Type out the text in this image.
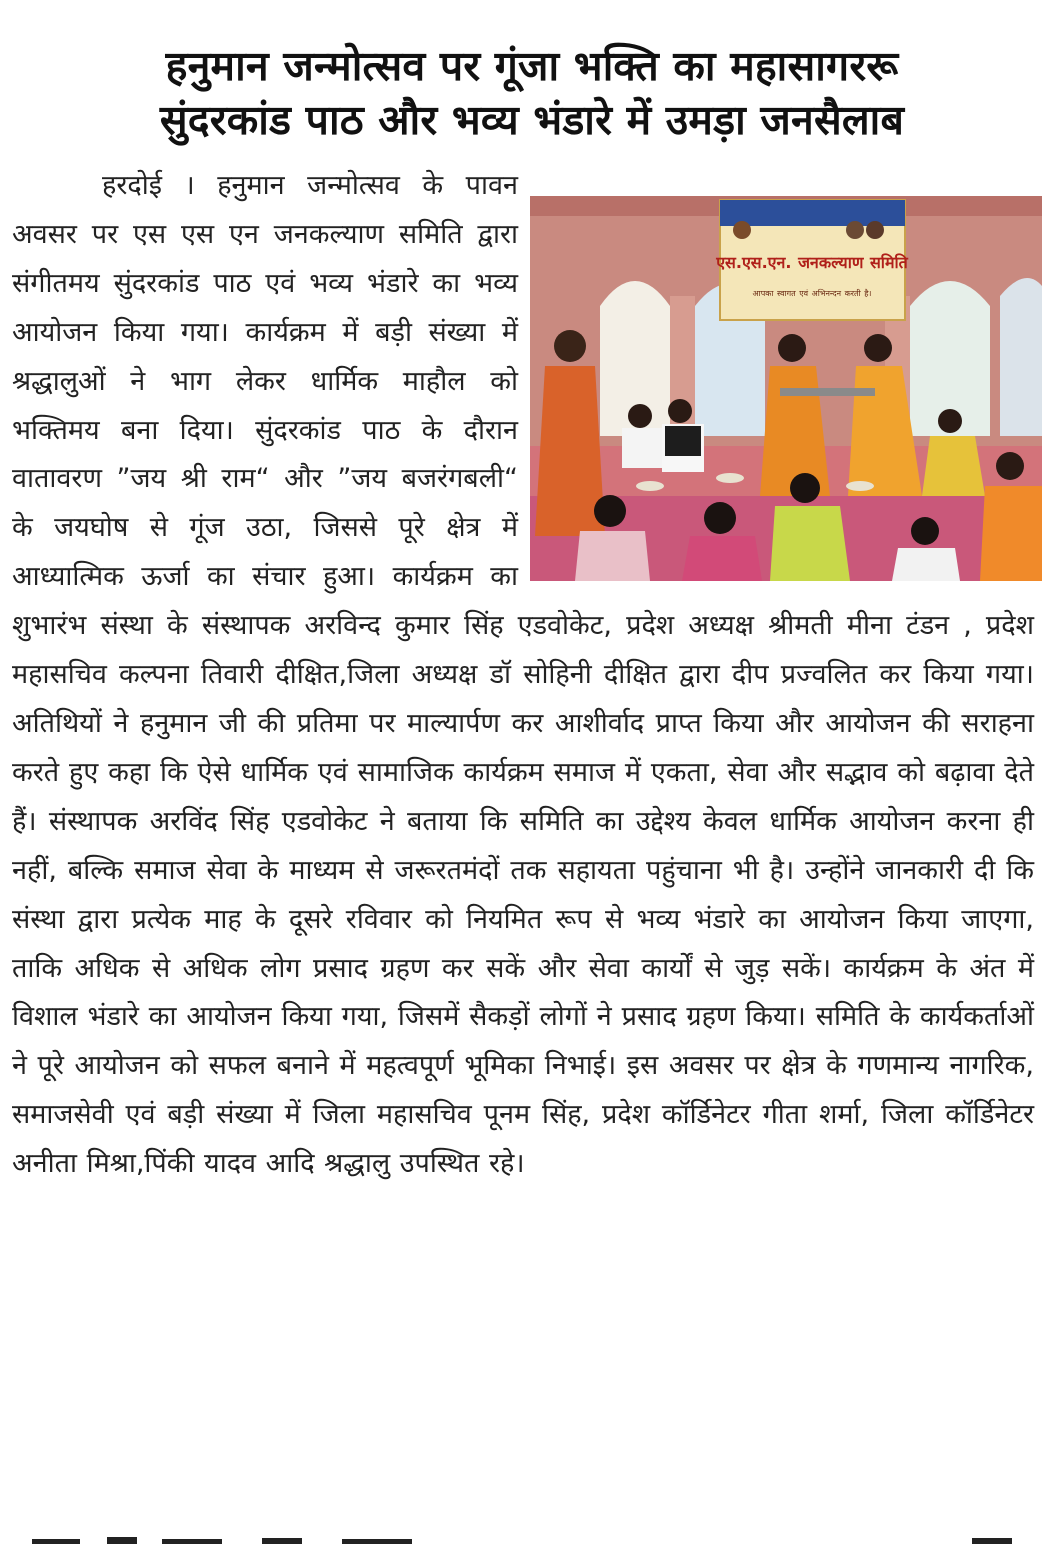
हनुमान जन्मोत्सव पर गूंजा भक्ति का महासागररू
सुंदरकांड पाठ और भव्य भंडारे में उमड़ा जनसैलाब
एस.एस.एन. जनकल्याण समिति
आपका स्वागत एवं अभिनन्दन करती है।

हरदोई । हनुमान जन्मोत्सव के पावन अवसर पर एस एस एन जनकल्याण समिति द्वारा संगीतमय सुंदरकांड पाठ एवं भव्य भंडारे का भव्य आयोजन किया गया। कार्यक्रम में बड़ी संख्या में श्रद्धालुओं ने भाग लेकर धार्मिक माहौल को भक्तिमय बना दिया। सुंदरकांड पाठ के दौरान वातावरण ”जय श्री राम“ और ”जय बजरंगबली“ के जयघोष से गूंज उठा, जिससे पूरे क्षेत्र में आध्यात्मिक ऊर्जा का संचार हुआ। कार्यक्रम का शुभारंभ संस्था के संस्थापक अरविन्द कुमार सिंह एडवोकेट, प्रदेश अध्यक्ष श्रीमती मीना टंडन , प्रदेश महासचिव कल्पना तिवारी दीक्षित,जिला अध्यक्ष डॉ सोहिनी दीक्षित द्वारा दीप प्रज्वलित कर किया गया। अतिथियों ने हनुमान जी की प्रतिमा पर माल्यार्पण कर आशीर्वाद प्राप्त किया और आयोजन की सराहना करते हुए कहा कि ऐसे धार्मिक एवं सामाजिक कार्यक्रम समाज में एकता, सेवा और सद्भाव को बढ़ावा देते हैं। संस्थापक अरविंद सिंह एडवोकेट ने बताया कि समिति का उद्देश्य केवल धार्मिक आयोजन करना ही नहीं, बल्कि समाज सेवा के माध्यम से जरूरतमंदों तक सहायता पहुंचाना भी है। उन्होंने जानकारी दी कि संस्था द्वारा प्रत्येक माह के दूसरे रविवार को नियमित रूप से भव्य भंडारे का आयोजन किया जाएगा, ताकि अधिक से अधिक लोग प्रसाद ग्रहण कर सकें और सेवा कार्यों से जुड़ सकें। कार्यक्रम के अंत में विशाल भंडारे का आयोजन किया गया, जिसमें सैकड़ों लोगों ने प्रसाद ग्रहण किया। समिति के कार्यकर्ताओं ने पूरे आयोजन को सफल बनाने में महत्वपूर्ण भूमिका निभाई। इस अवसर पर क्षेत्र के गणमान्य नागरिक, समाजसेवी एवं बड़ी संख्या में जिला महासचिव पूनम सिंह, प्रदेश कॉर्डिनेटर गीता शर्मा, जिला कॉर्डिनेटर अनीता मिश्रा,पिंकी यादव आदि श्रद्धालु उपस्थित रहे।
